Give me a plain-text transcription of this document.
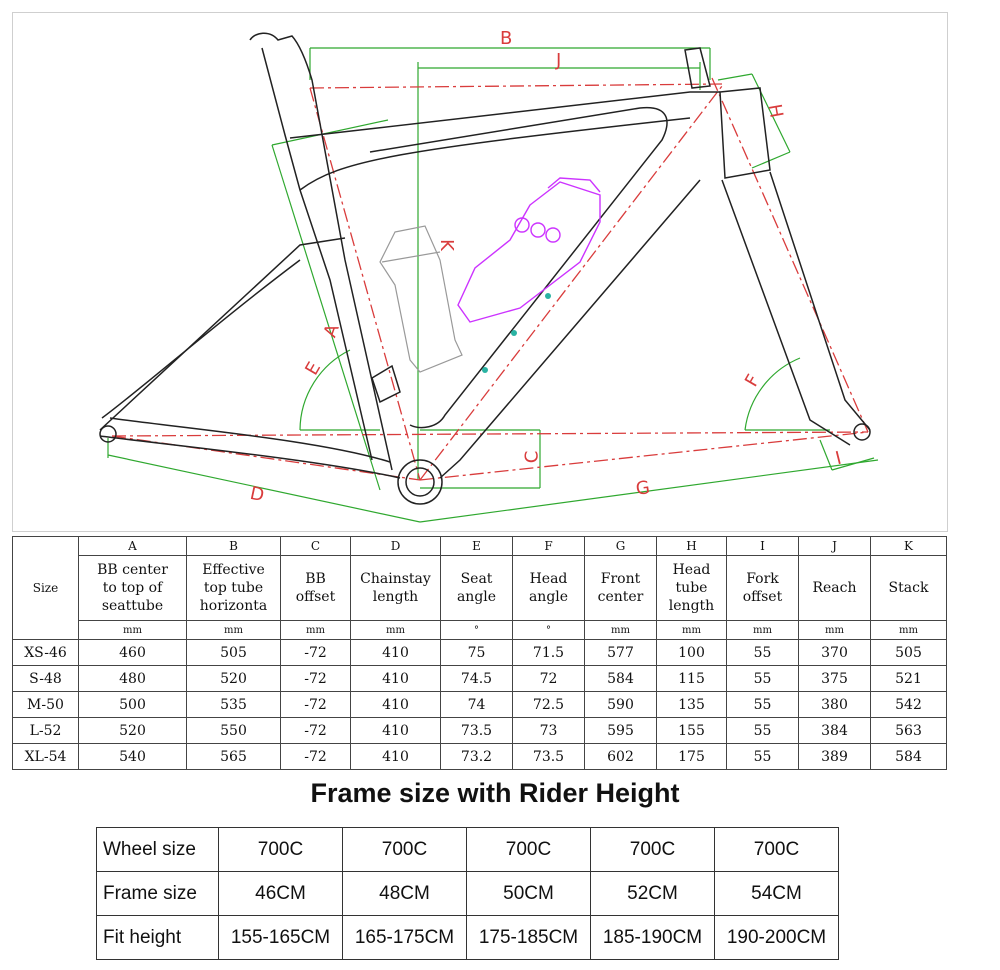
B
J
H
K
A
E
F
C
D	G
I
Size	A	B	C	D	E	F	G	H	I	J	K
	BB center
to top of
seattube	Effective
top tube
horizonta	BB
offset	Chainstay
length	Seat
angle	Head
angle	Front
center	Head
tube
length	Fork
offset	Reach	Stack
	mm	mm	mm	mm	°	°	mm	mm	mm	mm	mm
XS-46	460	505	-72	410	75	71.5	577	100	55	370	505
S-48	480	520	-72	410	74.5	72	584	115	55	375	521
M-50	500	535	-72	410	74	72.5	590	135	55	380	542
L-52	520	550	-72	410	73.5	73	595	155	55	384	563
XL-54	540	565	-72	410	73.2	73.5	602	175	55	389	584
Frame size with Rider Height
Wheel size	700C	700C	700C	700C	700C
Frame size	46CM	48CM	50CM	52CM	54CM
Fit height	155-165CM	165-175CM	175-185CM	185-190CM	190-200CM
